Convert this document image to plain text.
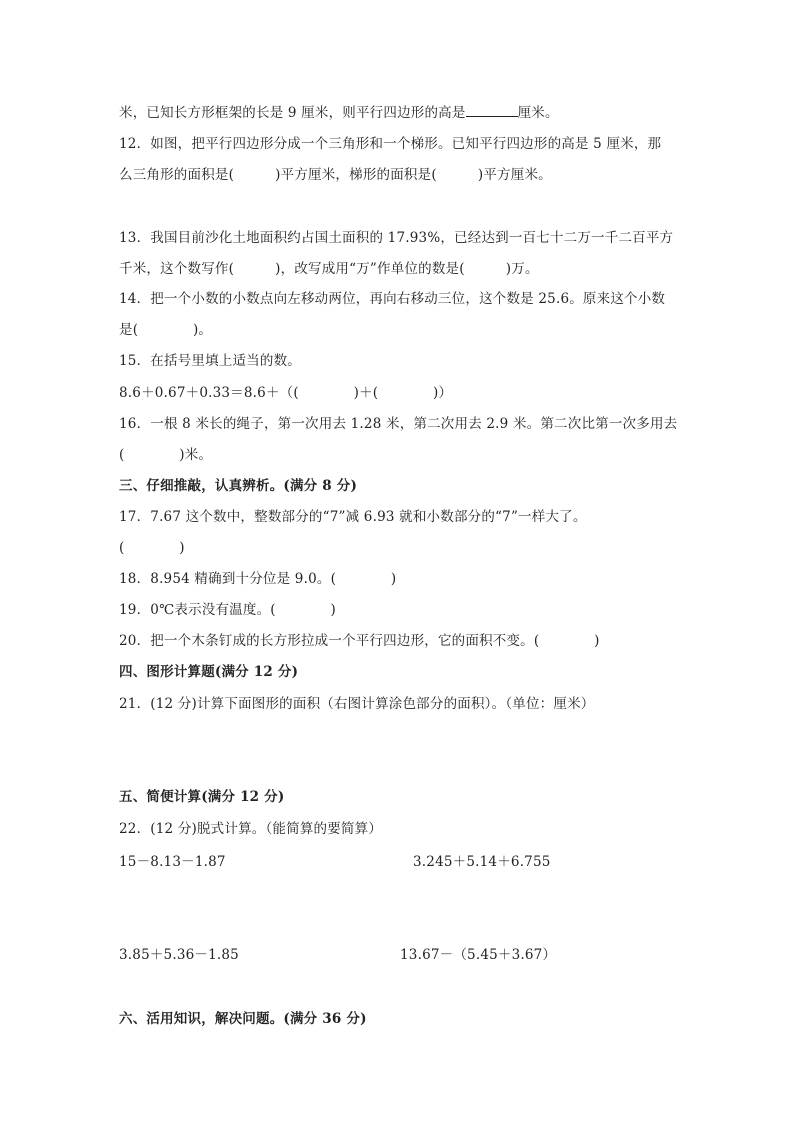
米，已知长方形框架的长是 9 厘米，则平行四边形的高是	厘米。
12．如图，把平行四边形分成一个三角形和一个梯形。已知平行四边形的高是 5 厘米，那
么三角形的面积是(　　　)平方厘米，梯形的面积是(　　　)平方厘米。
13．我国目前沙化土地面积约占国土面积的 17.93%，已经达到一百七十二万一千二百平方
千米，这个数写作(　　　)，改写成用“万”作单位的数是(　　　)万。
14．把一个小数的小数点向左移动两位，再向右移动三位，这个数是 25.6。原来这个小数
是(　　　　)。
15．在括号里填上适当的数。
8.6＋0.67＋0.33＝8.6＋（(　　　　)＋(　　　　)）
16．一根 8 米长的绳子，第一次用去 1.28 米，第二次用去 2.9 米。第二次比第一次多用去
(　　　　)米。
三、仔细推敲，认真辨析。(满分 8 分)
17．7.67 这个数中，整数部分的“7”减 6.93 就和小数部分的“7”一样大了。
(　　　　)
18．8.954 精确到十分位是 9.0。(　　　　)
19．0℃表示没有温度。(　　　　)
20．把一个木条钉成的长方形拉成一个平行四边形，它的面积不变。(　　　　)
四、图形计算题(满分 12 分)
21．(12 分)计算下面图形的面积（右图计算涂色部分的面积）。（单位：厘米）
五、简便计算(满分 12 分)
22．(12 分)脱式计算。（能简算的要简算）
15－8.13－1.87	3.245＋5.14＋6.755
3.85＋5.36－1.85	13.67－（5.45＋3.67）
六、活用知识，解决问题。(满分 36 分)
